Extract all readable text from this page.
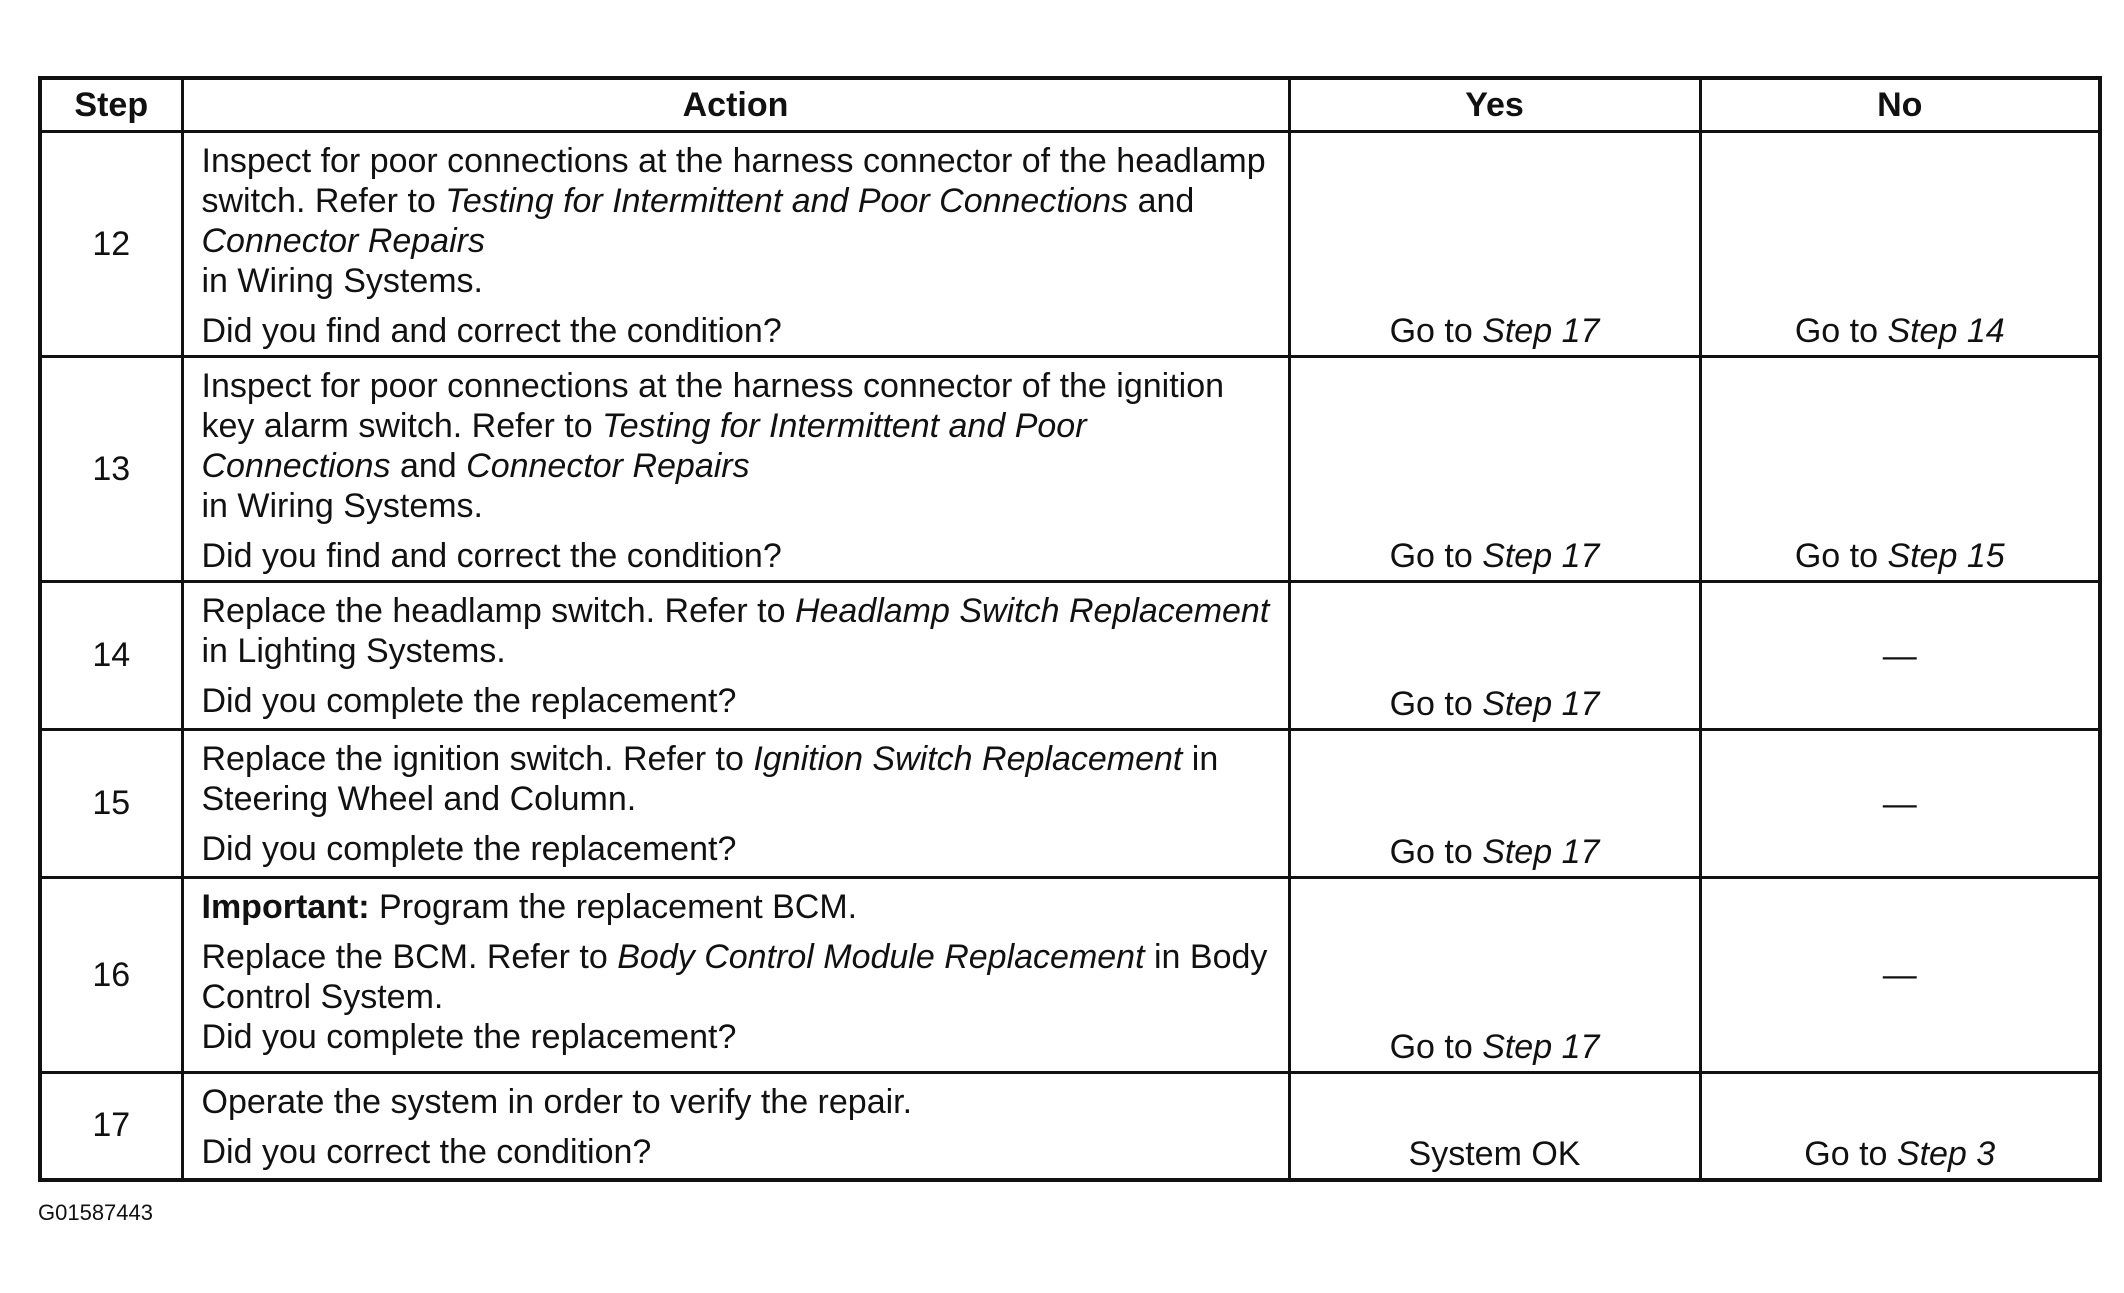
Step	Action	Yes	No
12	Inspect for poor connections at the harness connector of the headlamp switch. Refer to Testing for Intermittent and Poor Connections and Connector Repairs
in Wiring Systems.

Did you find and correct the condition?	Go to Step 17	Go to Step 14
13	Inspect for poor connections at the harness connector of the ignition key alarm switch. Refer to Testing for Intermittent and Poor Connections and Connector Repairs
in Wiring Systems.

Did you find and correct the condition?	Go to Step 17	Go to Step 15
14	Replace the headlamp switch. Refer to Headlamp Switch Replacement in Lighting Systems.

Did you complete the replacement?	Go to Step 17	—
15	Replace the ignition switch. Refer to Ignition Switch Replacement in Steering Wheel and Column.

Did you complete the replacement?	Go to Step 17	—
16	Important: Program the replacement BCM.

Replace the BCM. Refer to Body Control Module Replacement in Body Control System.

Did you complete the replacement?	Go to Step 17	—
17	Operate the system in order to verify the repair.

Did you correct the condition?	System OK	Go to Step 3
G01587443
